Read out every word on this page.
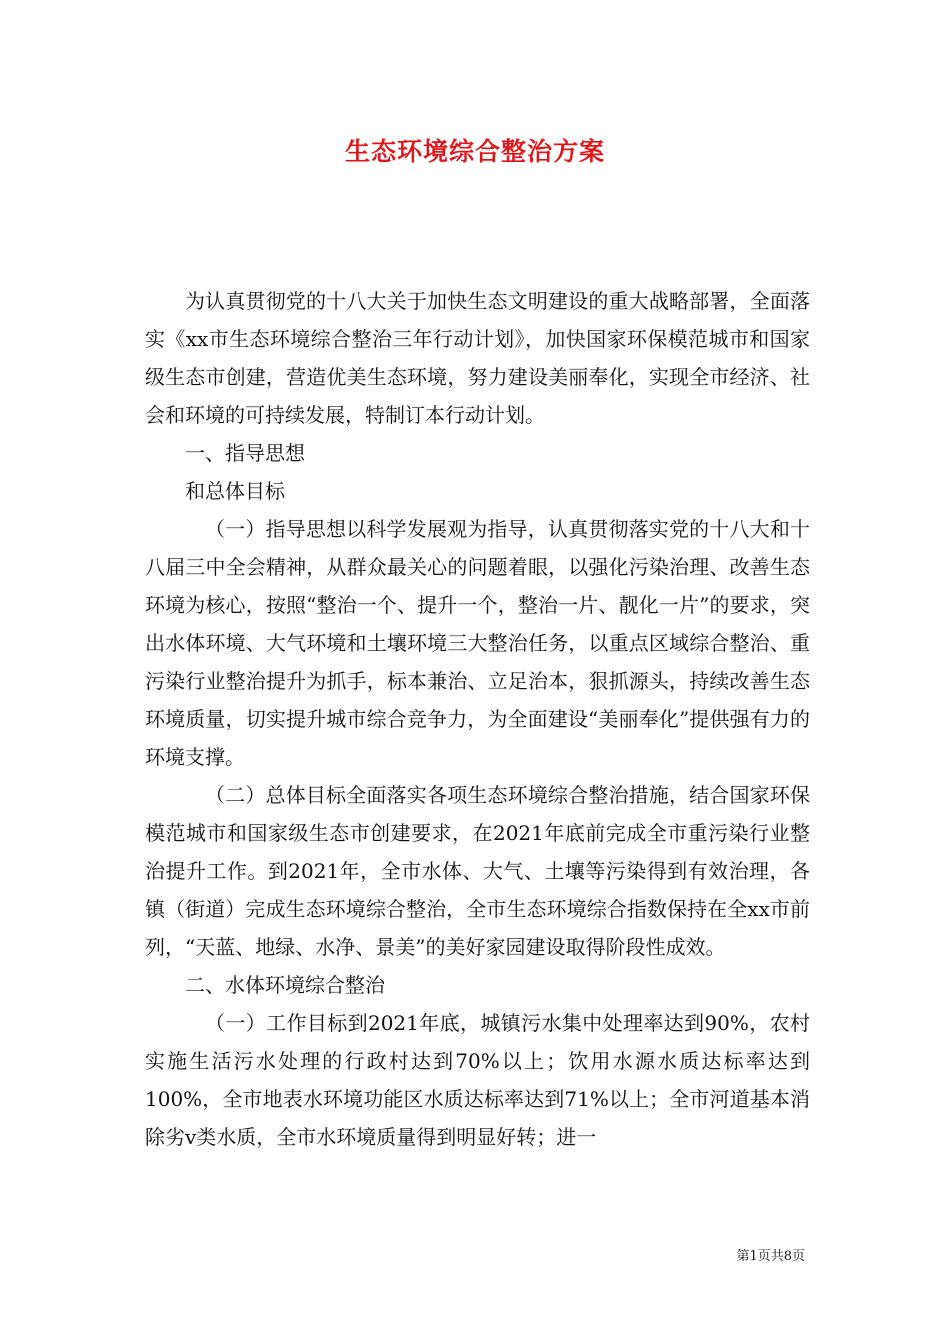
生态环境综合整治方案

为认真贯彻党的十八大关于加快生态文明建设的重大战略部署，全面落实《xx市生态环境综合整治三年行动计划》，加快国家环保模范城市和国家级生态市创建，营造优美生态环境，努力建设美丽奉化，实现全市经济、社会和环境的可持续发展，特制订本行动计划。

一、指导思想

和总体目标

（一）指导思想以科学发展观为指导，认真贯彻落实党的十八大和十八届三中全会精神，从群众最关心的问题着眼，以强化污染治理、改善生态环境为核心，按照“整治一个、提升一个，整治一片、靓化一片”的要求，突出水体环境、大气环境和土壤环境三大整治任务，以重点区域综合整治、重污染行业整治提升为抓手，标本兼治、立足治本，狠抓源头，持续改善生态环境质量，切实提升城市综合竞争力，为全面建设“美丽奉化”提供强有力的环境支撑。

（二）总体目标全面落实各项生态环境综合整治措施，结合国家环保模范城市和国家级生态市创建要求，在2021年底前完成全市重污染行业整治提升工作。到2021年，全市水体、大气、土壤等污染得到有效治理，各镇（街道）完成生态环境综合整治，全市生态环境综合指数保持在全xx市前列，“天蓝、地绿、水净、景美”的美好家园建设取得阶段性成效。

二、水体环境综合整治

（一）工作目标到2021年底，城镇污水集中处理率达到90%，农村实施生活污水处理的行政村达到70%以上；饮用水源水质达标率达到100%，全市地表水环境功能区水质达标率达到71%以上；全市河道基本消除劣v类水质，全市水环境质量得到明显好转；进一

第1页共8页
